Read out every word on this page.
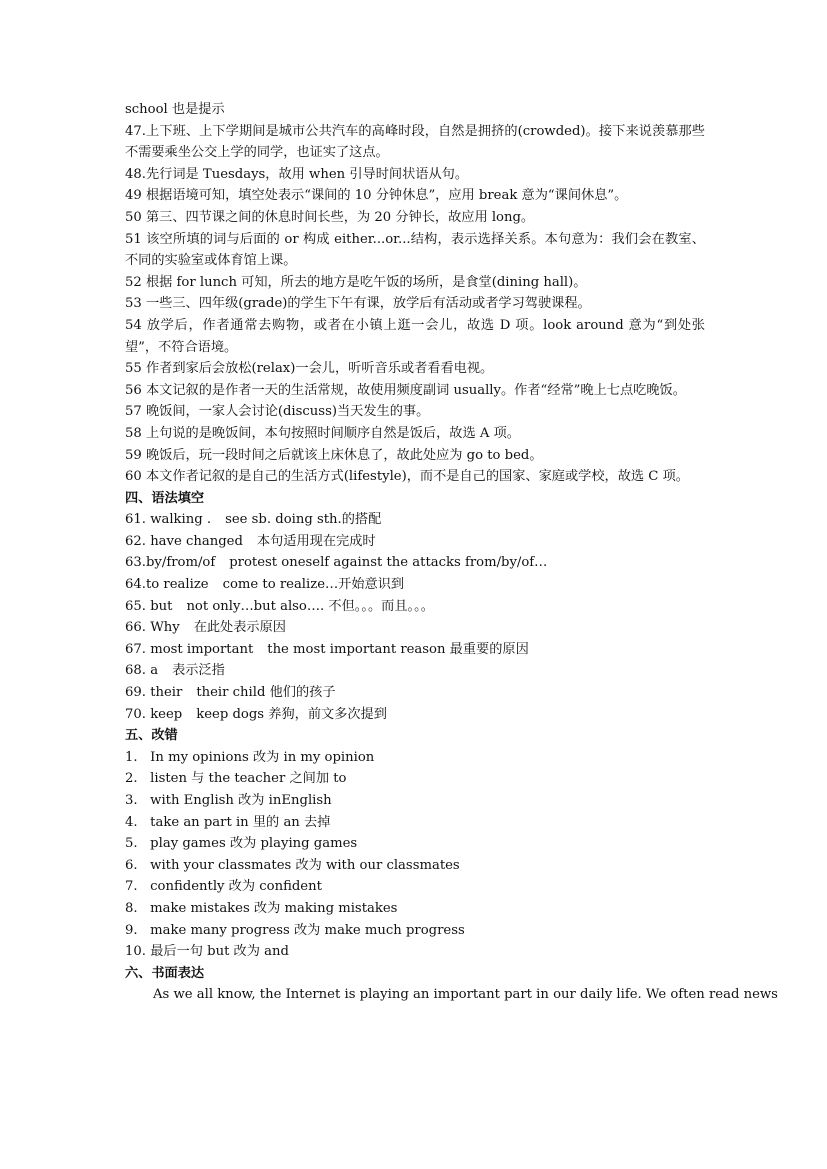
school 也是提示

47.上下班、上下学期间是城市公共汽车的高峰时段，自然是拥挤的(crowded)。接下来说羡慕那些不需要乘坐公交上学的同学，也证实了这点。

48.先行词是 Tuesdays，故用 when 引导时间状语从句。

49 根据语境可知，填空处表示“课间的 10 分钟休息”，应用 break 意为“课间休息”。

50 第三、四节课之间的休息时间长些，为 20 分钟长，故应用 long。

51 该空所填的词与后面的 or 构成 either...or...结构，表示选择关系。本句意为：我们会在教室、不同的实验室或体育馆上课。

52 根据 for lunch 可知，所去的地方是吃午饭的场所，是食堂(dining hall)。

53 一些三、四年级(grade)的学生下午有课，放学后有活动或者学习驾驶课程。

54 放学后，作者通常去购物，或者在小镇上逛一会儿，故选 D 项。look around 意为“到处张望”，不符合语境。

55 作者到家后会放松(relax)一会儿，听听音乐或者看看电视。

56 本文记叙的是作者一天的生活常规，故使用频度副词 usually。作者“经常”晚上七点吃晚饭。

57 晚饭间，一家人会讨论(discuss)当天发生的事。

58 上句说的是晚饭间，本句按照时间顺序自然是饭后，故选 A 项。

59 晚饭后，玩一段时间之后就该上床休息了，故此处应为 go to bed。

60 本文作者记叙的是自己的生活方式(lifestyle)，而不是自己的国家、家庭或学校，故选 C 项。

四、语法填空

61. walking . see sb. doing sth.的搭配

62. have changed 本句适用现在完成时

63.by/from/of protest oneself against the attacks from/by/of…

64.to realize come to realize…开始意识到

65. but not only…but also…. 不但。。。而且。。。

66. Why 在此处表示原因

67. most important the most important reason 最重要的原因

68. a 表示泛指

69. their their child 他们的孩子

70. keep keep dogs 养狗，前文多次提到

五、改错

1. In my opinions 改为 in my opinion

2. listen 与 the teacher 之间加 to

3. with English 改为 inEnglish

4. take an part in 里的 an 去掉

5. play games 改为 playing games

6. with your classmates 改为 with our classmates

7. confidently 改为 confident

8. make mistakes 改为 making mistakes

9. make many progress 改为 make much progress

10. 最后一句 but 改为 and

六、书面表达

As we all know, the Internet is playing an important part in our daily life. We often read news
